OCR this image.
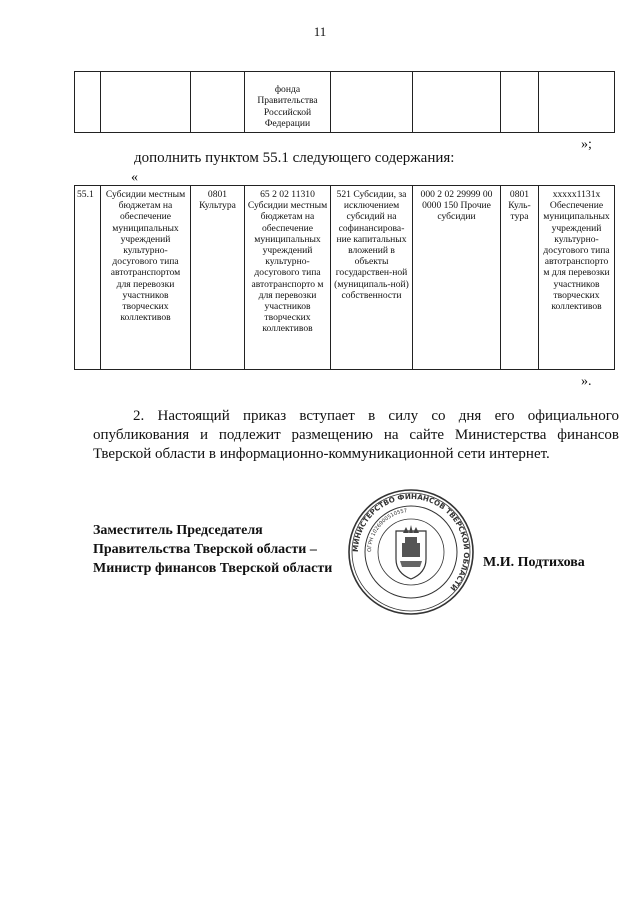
11
			фонда Правительства Российской Федерации				
»;
дополнить пунктом 55.1 следующего содержания:
«
55.1	Субсидии местным бюджетам на обеспечение муниципальных учреждений культурно-досугового типа автотранспортом для перевозки участников творческих коллективов	0801 Культура	65 2 02 11310 Субсидии местным бюджетам на обеспечение муниципальных учреждений культурно-досугового типа автотранспорто м для перевозки участников творческих коллективов	521 Субсидии, за исключением субсидий на софинансирова-ние капитальных вложений в объекты государствен-ной (муниципаль-ной) собственности	000 2 02 29999 00 0000 150 Прочие субсидии	0801 Куль-тура	xxxxx1131x Обеспечение муниципальных учреждений культурно-досугового типа автотранспорто м для перевозки участников творческих коллективов
».
2. Настоящий приказ вступает в силу со дня его официального опубликования и подлежит размещению на сайте Министерства финансов Тверской области в информационно-коммуникационной сети интернет.
Заместитель Председателя
Правительства Тверской области –
Министр финансов Тверской области	М.И. Подтихова
МИНИСТЕРСТВО ФИНАНСОВ ТВЕРСКОЙ ОБЛАСТИ
ОГРН 1026900510557
